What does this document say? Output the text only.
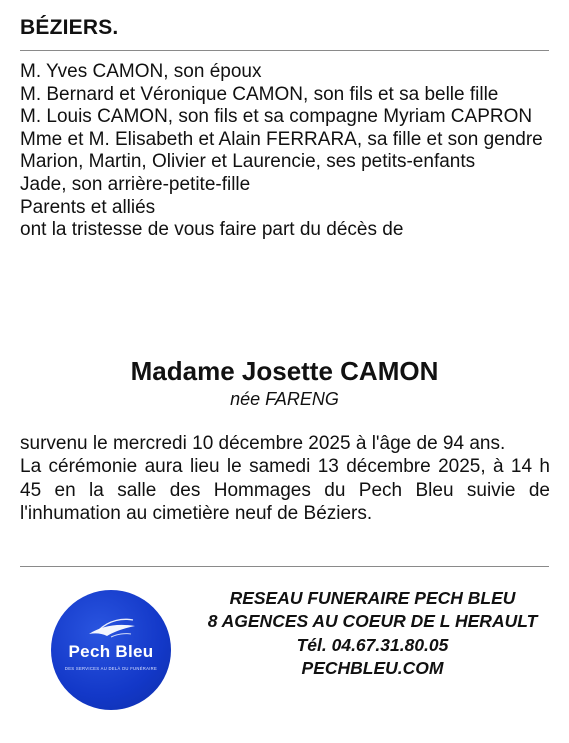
BÉZIERS.
M. Yves CAMON, son époux
M. Bernard et Véronique CAMON, son fils et sa belle fille
M. Louis CAMON, son fils et sa compagne Myriam CAPRON
Mme et M. Elisabeth et Alain FERRARA, sa fille et son gendre
Marion, Martin, Olivier et Laurencie, ses petits-enfants
Jade, son arrière-petite-fille
Parents et alliés
ont la tristesse de vous faire part du décès de
Madame Josette CAMON
née FARENG
survenu le mercredi 10 décembre 2025 à l'âge de 94 ans.
La cérémonie aura lieu le samedi 13 décembre 2025, à 14 h 45 en la salle des Hommages du Pech Bleu suivie de l'inhumation au cimetière neuf de Béziers.
Pech Bleu
DES SERVICES AU DELÀ DU FUNÉRAIRE
RESEAU FUNERAIRE PECH BLEU
8 AGENCES AU COEUR DE L HERAULT
Tél. 04.67.31.80.05
PECHBLEU.COM
